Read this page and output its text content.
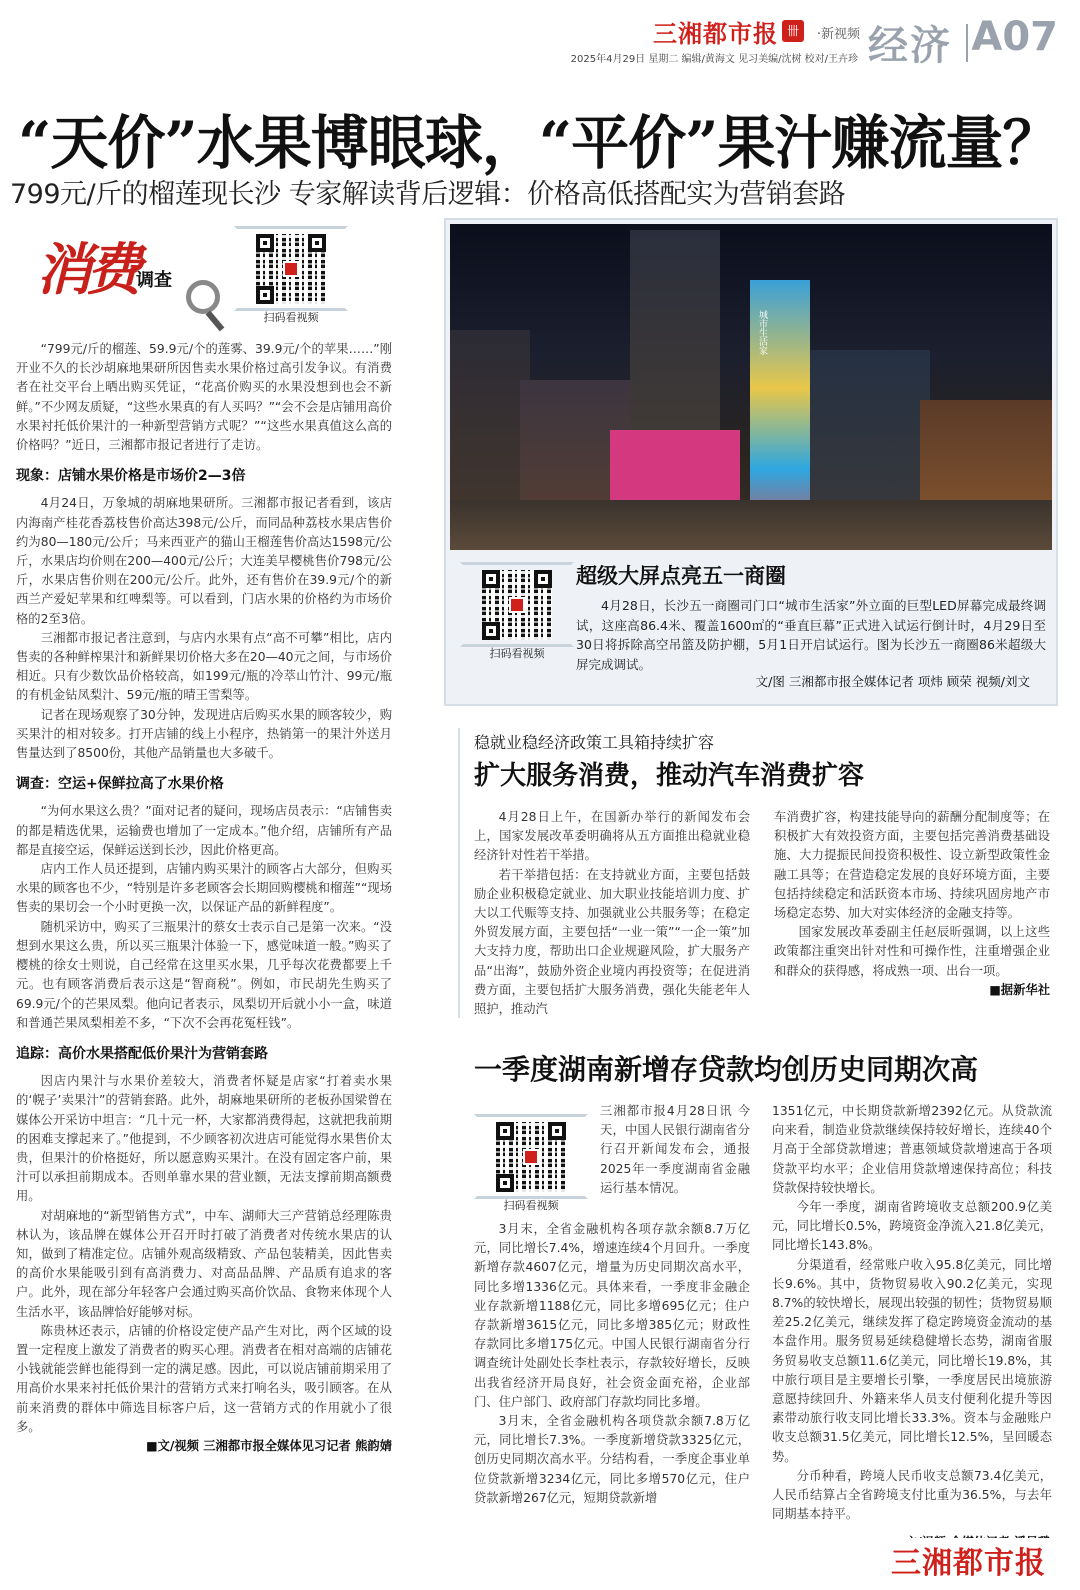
三湘都市报 卌	·新视频 经济 A07
2025年4月29日 星期二 编辑/黄海文 见习美编/沈树 校对/王卉珍
“天价”水果博眼球，“平价”果汁赚流量？
799元/斤的榴莲现长沙 专家解读背后逻辑：价格高低搭配实为营销套路
消费 调查
扫码看视频

“799元/斤的榴莲、59.9元/个的莲雾、39.9元/个的苹果……”刚开业不久的长沙胡麻地果研所因售卖水果价格过高引发争议。有消费者在社交平台上晒出购买凭证，“花高价购买的水果没想到也会不新鲜。”不少网友质疑，“这些水果真的有人买吗？”“会不会是店铺用高价水果衬托低价果汁的一种新型营销方式呢？”“这些水果真值这么高的价格吗？”近日，三湘都市报记者进行了走访。

现象：店铺水果价格是市场价2—3倍

4月24日，万象城的胡麻地果研所。三湘都市报记者看到，该店内海南产桂花香荔枝售价高达398元/公斤，而同品种荔枝水果店售价约为80—180元/公斤；马来西亚产的猫山王榴莲售价高达1598元/公斤，水果店均价则在200—400元/公斤；大连美早樱桃售价798元/公斤，水果店售价则在200元/公斤。此外，还有售价在39.9元/个的新西兰产爱妃苹果和红啤梨等。可以看到，门店水果的价格约为市场价格的2至3倍。

三湘都市报记者注意到，与店内水果有点“高不可攀”相比，店内售卖的各种鲜榨果汁和新鲜果切价格大多在20—40元之间，与市场价相近。只有少数饮品价格较高，如199元/瓶的冷萃山竹汁、99元/瓶的有机金钻凤梨汁、59元/瓶的晴王雪梨等。

记者在现场观察了30分钟，发现进店后购买水果的顾客较少，购买果汁的相对较多。打开店铺的线上小程序，热销第一的果汁外送月售量达到了8500份，其他产品销量也大多破千。

调查：空运+保鲜拉高了水果价格

“为何水果这么贵？”面对记者的疑问，现场店员表示：“店铺售卖的都是精选优果，运输费也增加了一定成本。”他介绍，店铺所有产品都是直接空运，保鲜运送到长沙，因此价格更高。

店内工作人员还提到，店铺内购买果汁的顾客占大部分，但购买水果的顾客也不少，“特别是许多老顾客会长期回购樱桃和榴莲”“现场售卖的果切会一个小时更换一次，以保证产品的新鲜程度”。

随机采访中，购买了三瓶果汁的蔡女士表示自己是第一次来。“没想到水果这么贵，所以买三瓶果汁体验一下，感觉味道一般。”购买了樱桃的徐女士则说，自己经常在这里买水果，几乎每次花费都要上千元。也有顾客消费后表示这是“智商税”。例如，市民胡先生购买了69.9元/个的芒果凤梨。他向记者表示，凤梨切开后就小小一盒，味道和普通芒果凤梨相差不多，“下次不会再花冤枉钱”。

追踪：高价水果搭配低价果汁为营销套路

因店内果汁与水果价差较大，消费者怀疑是店家“打着卖水果的‘幌子’卖果汁”的营销套路。此外，胡麻地果研所的老板孙国梁曾在媒体公开采访中坦言：“几十元一杯，大家都消费得起，这就把我前期的困难支撑起来了。”他提到，不少顾客初次进店可能觉得水果售价太贵，但果汁的价格挺好，所以愿意购买果汁。在没有固定客户前，果汁可以承担前期成本。否则单靠水果的营业额，无法支撑前期高额费用。

对胡麻地的“新型销售方式”，中车、湖师大三产营销总经理陈贵林认为，该品牌在媒体公开召开时打破了消费者对传统水果店的认知，做到了精准定位。店铺外观高级精致、产品包装精美，因此售卖的高价水果能吸引到有高消费力、对高品品牌、产品质有追求的客户。此外，现在部分年轻客户会通过购买高价饮品、食物来体现个人生活水平，该品牌恰好能够对标。

陈贵林还表示，店铺的价格设定使产品产生对比，两个区域的设置一定程度上激发了消费者的购买心理。消费者在相对高端的店铺花小钱就能尝鲜也能得到一定的满足感。因此，可以说店铺前期采用了用高价水果来衬托低价果汁的营销方式来打响名头，吸引顾客。在从前来消费的群体中筛选目标客户后，这一营销方式的作用就小了很多。

■文/视频 三湘都市报全媒体见习记者 熊韵婧
城市生活家
扫码看视频
超级大屏点亮五一商圈
4月28日，长沙五一商圈司门口“城市生活家”外立面的巨型LED屏幕完成最终调试，这座高86.4米、覆盖1600㎡的“垂直巨幕”正式进入试运行倒计时，4月29日至30日将拆除高空吊篮及防护棚，5月1日开启试运行。图为长沙五一商圈86米超级大屏完成调试。
文/图 三湘都市报全媒体记者 项炜 顾荣 视频/刘文
稳就业稳经济政策工具箱持续扩容
扩大服务消费，推动汽车消费扩容

4月28日上午，在国新办举行的新闻发布会上，国家发展改革委明确将从五方面推出稳就业稳经济针对性若干举措。

若干举措包括：在支持就业方面，主要包括鼓励企业积极稳定就业、加大职业技能培训力度、扩大以工代赈等支持、加强就业公共服务等；在稳定外贸发展方面，主要包括“一业一策”“一企一策”加大支持力度，帮助出口企业规避风险，扩大服务产品“出海”，鼓励外资企业境内再投资等；在促进消费方面，主要包括扩大服务消费，强化失能老年人照护，推动汽

车消费扩容，构建技能导向的薪酬分配制度等；在积极扩大有效投资方面，主要包括完善消费基础设施、大力提振民间投资积极性、设立新型政策性金融工具等；在营造稳定发展的良好环境方面，主要包括持续稳定和活跃资本市场、持续巩固房地产市场稳定态势、加大对实体经济的金融支持等。

国家发展改革委副主任赵辰昕强调，以上这些政策都注重突出针对性和可操作性，注重增强企业和群众的获得感，将成熟一项、出台一项。

■据新华社
一季度湖南新增存贷款均创历史同期次高
扫码看视频

三湘都市报4月28日讯 今天，中国人民银行湖南省分行召开新闻发布会，通报2025年一季度湖南省金融运行基本情况。

3月末，全省金融机构各项存款余额8.7万亿元，同比增长7.4%，增速连续4个月回升。一季度新增存款4607亿元，增量为历史同期次高水平，同比多增1336亿元。具体来看，一季度非金融企业存款新增1188亿元，同比多增695亿元；住户存款新增3615亿元，同比多增385亿元；财政性存款同比多增175亿元。中国人民银行湖南省分行调查统计处副处长李杜表示，存款较好增长，反映出我省经济开局良好，社会资金面充裕，企业部门、住户部门、政府部门存款均同比多增。

3月末，全省金融机构各项贷款余额7.8万亿元，同比增长7.3%。一季度新增贷款3325亿元，创历史同期次高水平。分结构看，一季度企事业单位贷款新增3234亿元，同比多增570亿元，住户贷款新增267亿元，短期贷款新增

1351亿元，中长期贷款新增2392亿元。从贷款流向来看，制造业贷款继续保持较好增长，连续40个月高于全部贷款增速；普惠领域贷款增速高于各项贷款平均水平；企业信用贷款增速保持高位；科技贷款保持较快增长。

今年一季度，湖南省跨境收支总额200.9亿美元，同比增长0.5%，跨境资金净流入21.8亿美元，同比增长143.8%。

分渠道看，经常账户收入95.8亿美元，同比增长9.6%。其中，货物贸易收入90.2亿美元，实现8.7%的较快增长，展现出较强的韧性；货物贸易顺差25.2亿美元，继续发挥了稳定跨境资金流动的基本盘作用。服务贸易延续稳健增长态势，湖南省服务贸易收支总额11.6亿美元，同比增长19.8%，其中旅行项目是主要增长引擎，一季度居民出境旅游意愿持续回升、外籍来华人员支付便利化提升等因素带动旅行收支同比增长33.3%。资本与金融账户收支总额31.5亿美元，同比增长12.5%，呈回暖态势。

分币种看，跨境人民币收支总额73.4亿美元，人民币结算占全省跨境支付比重为36.5%，与去年同期基本持平。

三湘都市报
